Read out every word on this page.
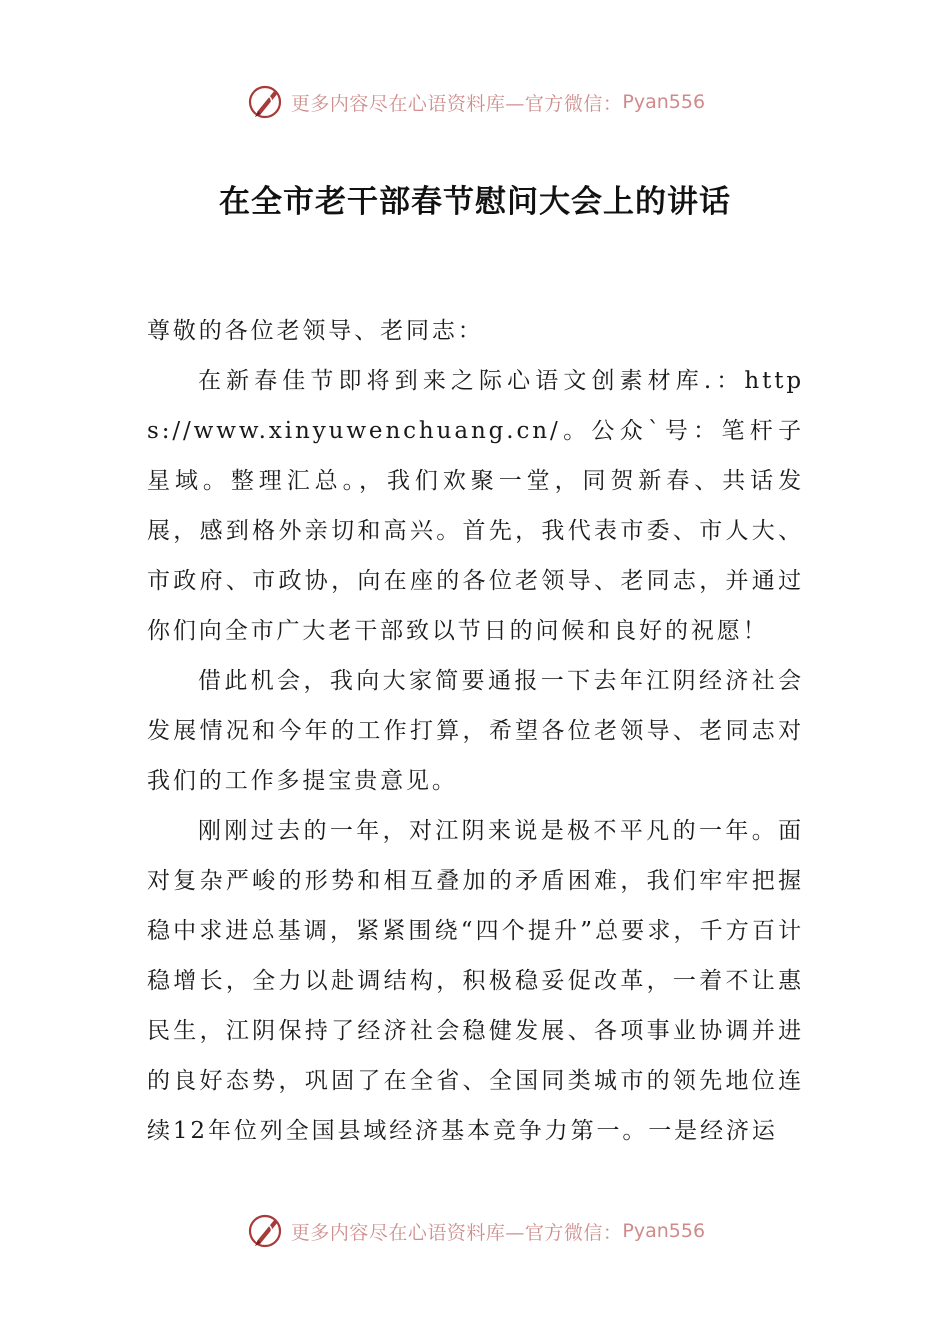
更多内容尽在心语资料库—官方微信： Pyan556
在全市老干部春节慰问大会上的讲话

尊敬的各位老领导、老同志：

在新春佳节即将到来之际心语文创素材库.：https://www.xinyuwenchuang.cn/。公众`号：笔杆子星域。整理汇总。，我们欢聚一堂，同贺新春、共话发展，感到格外亲切和高兴。首先，我代表市委、市人大、市政府、市政协，向在座的各位老领导、老同志，并通过你们向全市广大老干部致以节日的问候和良好的祝愿！

借此机会，我向大家简要通报一下去年江阴经济社会发展情况和今年的工作打算，希望各位老领导、老同志对我们的工作多提宝贵意见。

刚刚过去的一年，对江阴来说是极不平凡的一年。面对复杂严峻的形势和相互叠加的矛盾困难，我们牢牢把握稳中求进总基调，紧紧围绕“四个提升”总要求，千方百计稳增长，全力以赴调结构，积极稳妥促改革，一着不让惠民生，江阴保持了经济社会稳健发展、各项事业协调并进的良好态势，巩固了在全省、全国同类城市的领先地位连续12年位列全国县域经济基本竞争力第一。一是经济运

更多内容尽在心语资料库—官方微信： Pyan556
